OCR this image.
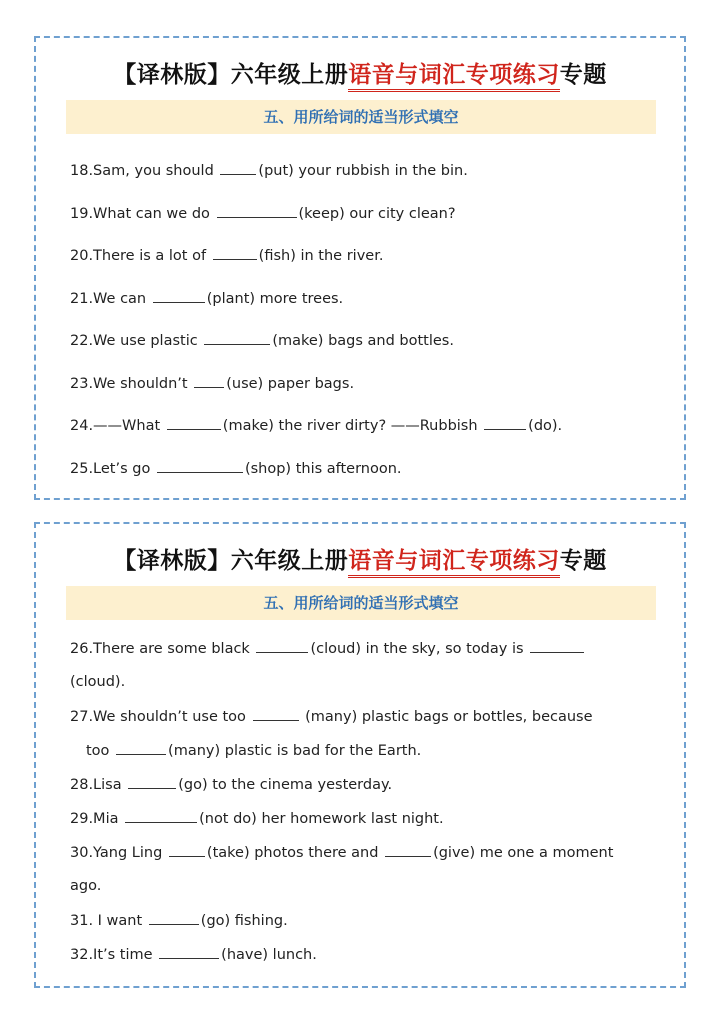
【译林版】六年级上册语音与词汇专项练习专题
五、用所给词的适当形式填空
18.Sam, you should	(put) your rubbish in the bin.
19.What can we do	(keep) our city clean?
20.There is a lot of	(fish) in the river.
21.We can	(plant) more trees.
22.We use plastic	(make) bags and bottles.
23.We shouldn’t (use) paper bags.
24.——What	(make) the river dirty? ——Rubbish	(do).
25.Let’s go	(shop) this afternoon.
【译林版】六年级上册语音与词汇专项练习专题
五、用所给词的适当形式填空
26.There are some black	(cloud) in the sky, so today is
(cloud).
27.We shouldn’t use too	(many) plastic bags or bottles, because
too	(many) plastic is bad for the Earth.
28.Lisa	(go) to the cinema yesterday.
29.Mia	(not do) her homework last night.
30.Yang Ling	(take) photos there and	(give) me one a moment
ago.
31. I want	(go) fishing.
32.It’s time	(have) lunch.
